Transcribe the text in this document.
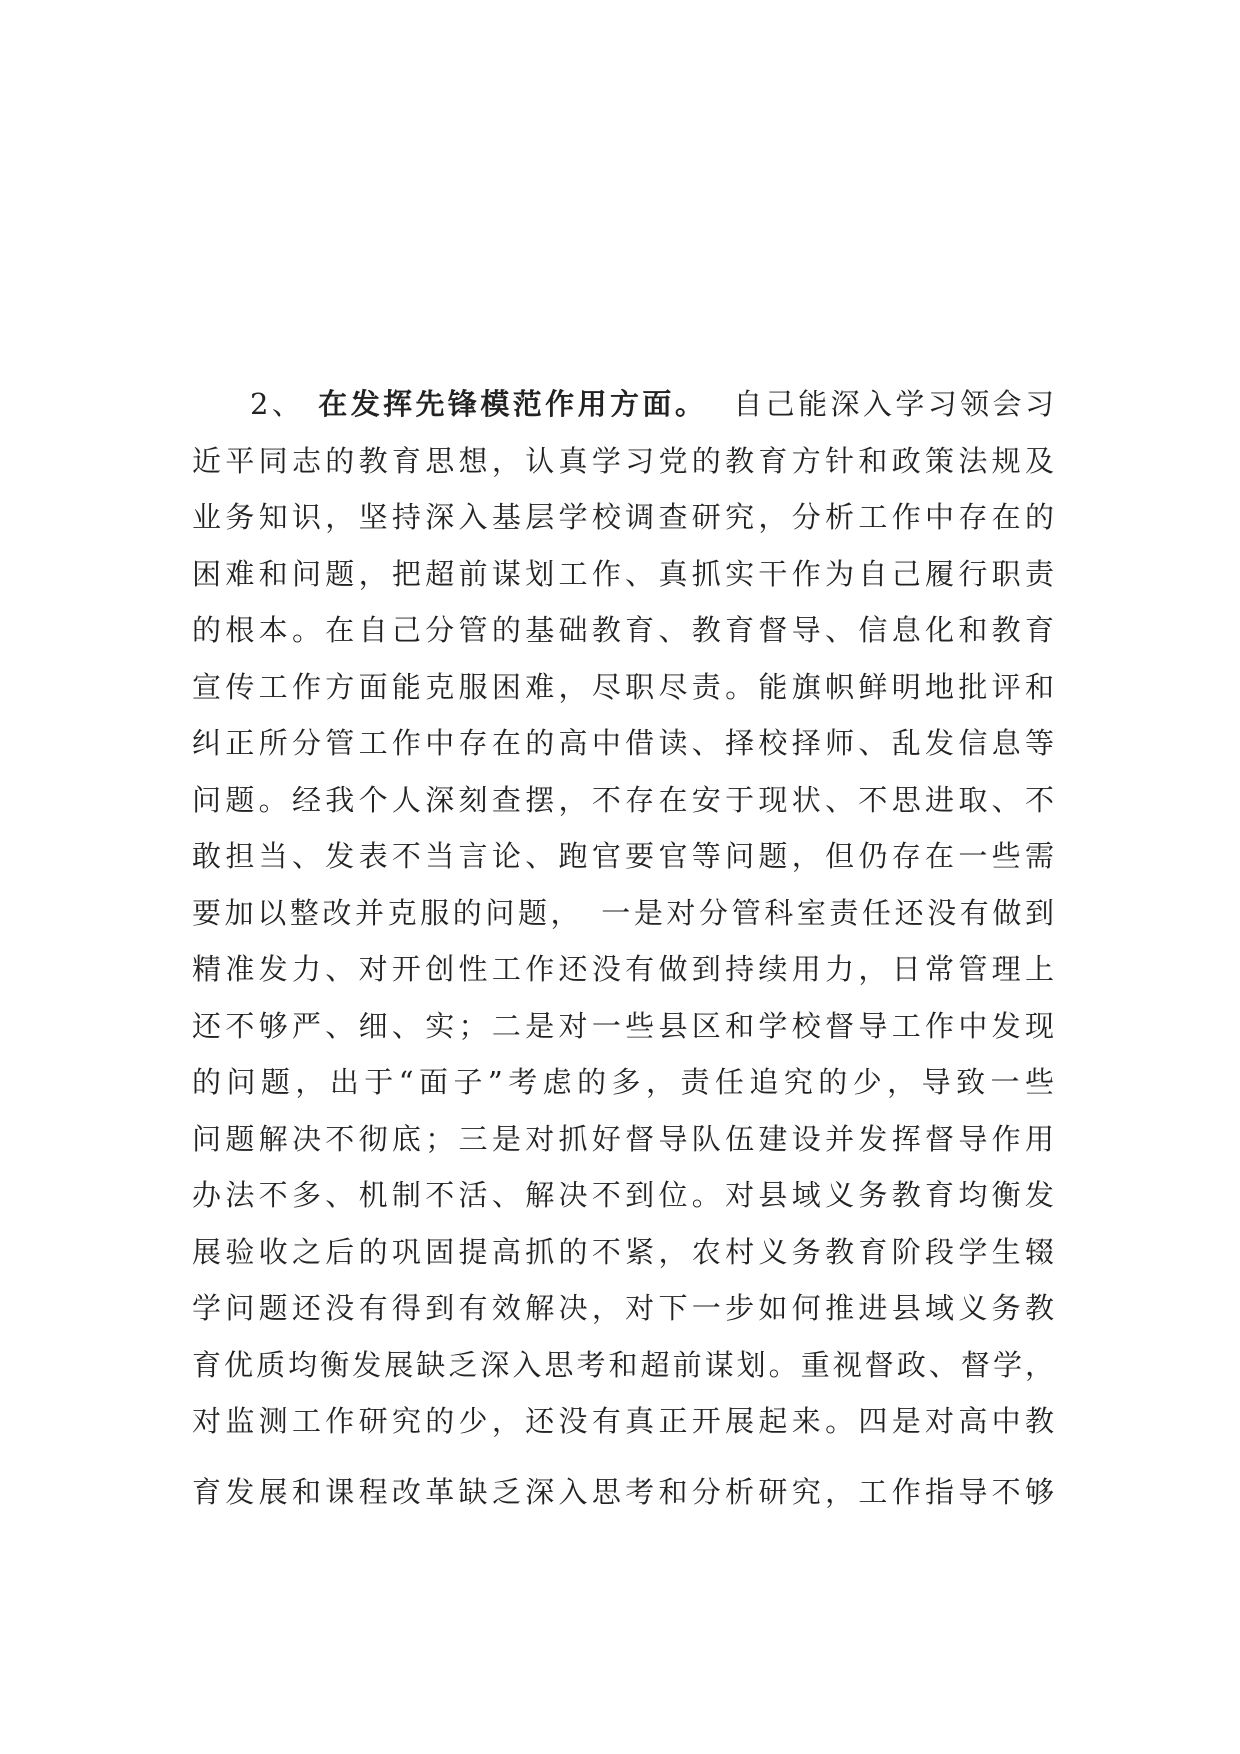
2、 在发挥先锋模范作用方面。 自己能深入学习领会习
近平同志的教育思想，认真学习党的教育方针和政策法规及
业务知识，坚持深入基层学校调查研究，分析工作中存在的
困难和问题，把超前谋划工作、真抓实干作为自己履行职责
的根本。在自己分管的基础教育、教育督导、信息化和教育
宣传工作方面能克服困难，尽职尽责。能旗帜鲜明地批评和
纠正所分管工作中存在的高中借读、择校择师、乱发信息等
问题。经我个人深刻查摆，不存在安于现状、不思进取、不
敢担当、发表不当言论、跑官要官等问题，但仍存在一些需
要加以整改并克服的问题，　一是对分管科室责任还没有做到
精准发力、对开创性工作还没有做到持续用力，日常管理上
还不够严、细、实；二是对一些县区和学校督导工作中发现
的问题，出于“面子”考虑的多，责任追究的少，导致一些
问题解决不彻底；三是对抓好督导队伍建设并发挥督导作用
办法不多、机制不活、解决不到位。对县域义务教育均衡发
展验收之后的巩固提高抓的不紧，农村义务教育阶段学生辍
学问题还没有得到有效解决，对下一步如何推进县域义务教
育优质均衡发展缺乏深入思考和超前谋划。重视督政、督学，
对监测工作研究的少，还没有真正开展起来。四是对高中教
育发展和课程改革缺乏深入思考和分析研究，工作指导不够
